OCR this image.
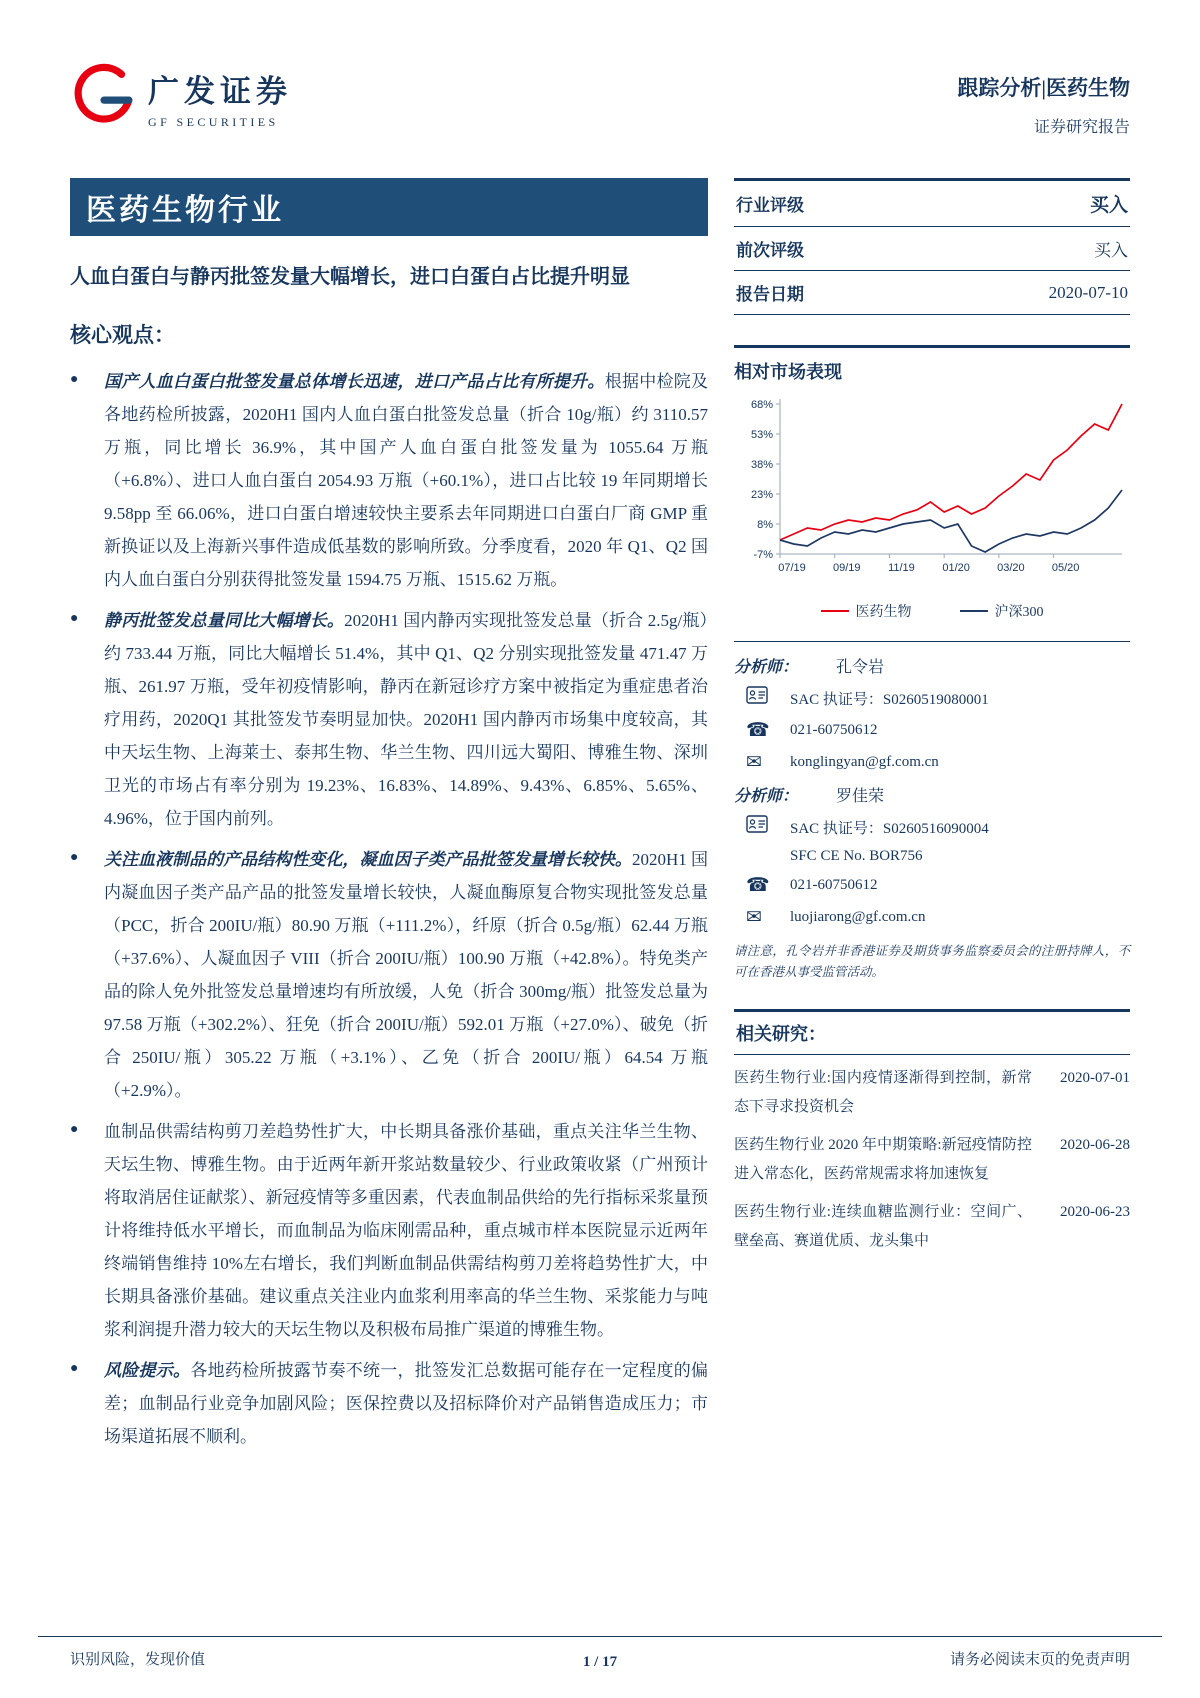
广发证券
GF SECURITIES
跟踪分析|医药生物
证券研究报告
医药生物行业
人血白蛋白与静丙批签发量大幅增长，进口白蛋白占比提升明显
核心观点：
●	国产人血白蛋白批签发量总体增长迅速，进口产品占比有所提升。根据中检院及各地药检所披露，2020H1 国内人血白蛋白批签发总量（折合 10g/瓶）约 3110.57 万瓶，同比增长 36.9%，其中国产人血白蛋白批签发量为 1055.64 万瓶（+6.8%）、进口人血白蛋白 2054.93 万瓶（+60.1%），进口占比较 19 年同期增长 9.58pp 至 66.06%，进口白蛋白增速较快主要系去年同期进口白蛋白厂商 GMP 重新换证以及上海新兴事件造成低基数的影响所致。分季度看，2020 年 Q1、Q2 国内人血白蛋白分别获得批签发量 1594.75 万瓶、1515.62 万瓶。
●	静丙批签发总量同比大幅增长。2020H1 国内静丙实现批签发总量（折合 2.5g/瓶）约 733.44 万瓶，同比大幅增长 51.4%，其中 Q1、Q2 分别实现批签发量 471.47 万瓶、261.97 万瓶，受年初疫情影响，静丙在新冠诊疗方案中被指定为重症患者治疗用药，2020Q1 其批签发节奏明显加快。2020H1 国内静丙市场集中度较高，其中天坛生物、上海莱士、泰邦生物、华兰生物、四川远大蜀阳、博雅生物、深圳卫光的市场占有率分别为 19.23%、16.83%、14.89%、9.43%、6.85%、5.65%、4.96%，位于国内前列。
●	关注血液制品的产品结构性变化，凝血因子类产品批签发量增长较快。2020H1 国内凝血因子类产品产品的批签发量增长较快，人凝血酶原复合物实现批签发总量（PCC，折合 200IU/瓶）80.90 万瓶（+111.2%），纤原（折合 0.5g/瓶）62.44 万瓶（+37.6%）、人凝血因子 VIII（折合 200IU/瓶）100.90 万瓶（+42.8%）。特免类产品的除人免外批签发总量增速均有所放缓，人免（折合 300mg/瓶）批签发总量为 97.58 万瓶（+302.2%）、狂免（折合 200IU/瓶）592.01 万瓶（+27.0%）、破免（折合 250IU/瓶）305.22 万瓶（+3.1%）、乙免（折合 200IU/瓶）64.54 万瓶（+2.9%）。
●	血制品供需结构剪刀差趋势性扩大，中长期具备涨价基础，重点关注华兰生物、天坛生物、博雅生物。由于近两年新开浆站数量较少、行业政策收紧（广州预计将取消居住证献浆）、新冠疫情等多重因素，代表血制品供给的先行指标采浆量预计将维持低水平增长，而血制品为临床刚需品种，重点城市样本医院显示近两年终端销售维持 10%左右增长，我们判断血制品供需结构剪刀差将趋势性扩大，中长期具备涨价基础。建议重点关注业内血浆利用率高的华兰生物、采浆能力与吨浆利润提升潜力较大的天坛生物以及积极布局推广渠道的博雅生物。
●	风险提示。各地药检所披露节奏不统一，批签发汇总数据可能存在一定程度的偏差；血制品行业竞争加剧风险；医保控费以及招标降价对产品销售造成压力；市场渠道拓展不顺利。
行业评级	买入
前次评级	买入
报告日期	2020-07-10
相对市场表现
68%
53%
38%
23%
8%
-7%
07/19 09/19	11/19	01/20 03/20 05/20
医药生物	沪深300
分析师： 孔令岩
SAC 执证号：S0260519080001
☎	021-60750612
✉	konglingyan@gf.com.cn
分析师： 罗佳荣
SAC 执证号：S0260516090004
SFC CE No. BOR756
☎	021-60750612
✉	luojiarong@gf.com.cn
请注意，孔令岩并非香港证券及期货事务监察委员会的注册持牌人，不可在香港从事受监管活动。
相关研究：
医药生物行业:国内疫情逐渐得到控制，新常态下寻求投资机会
2020-07-01
医药生物行业 2020 年中期策略:新冠疫情防控进入常态化，医药常规需求将加速恢复
2020-06-28
医药生物行业:连续血糖监测行业：空间广、壁垒高、赛道优质、龙头集中
2020-06-23
识别风险，发现价值	1 / 17	请务必阅读末页的免责声明
